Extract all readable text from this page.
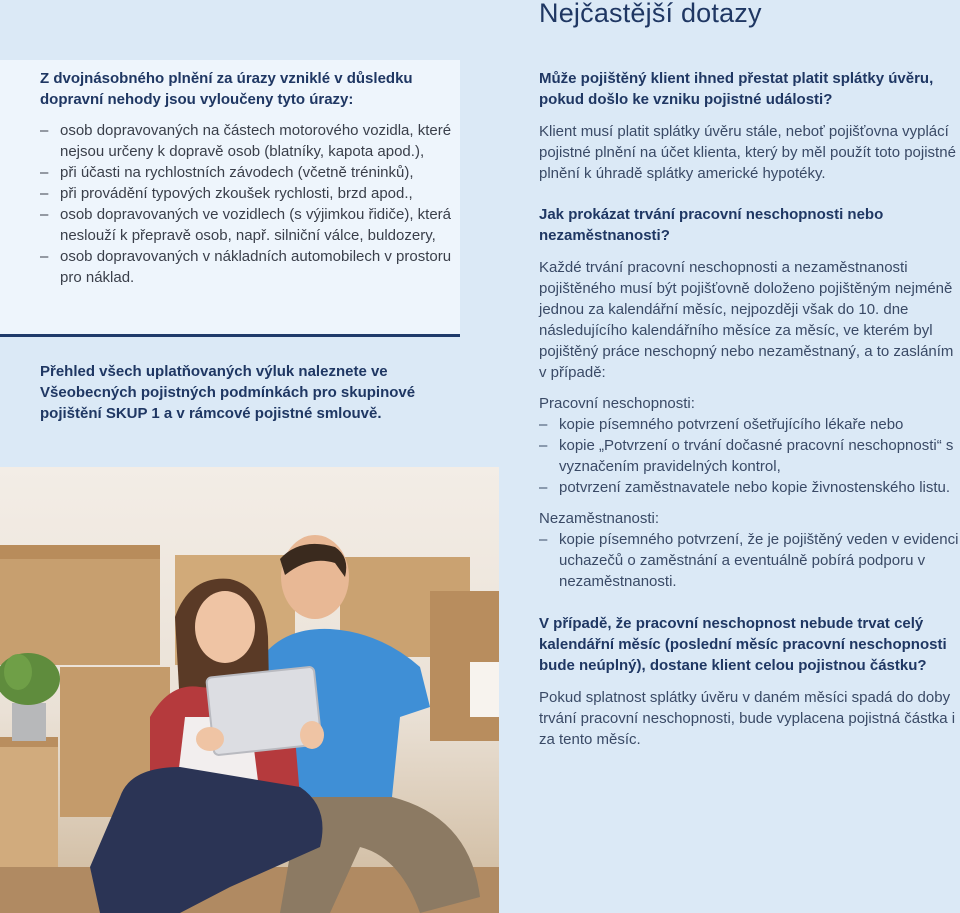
Nejčastější dotazy
Z dvojnásobného plnění za úrazy vzniklé v důsledku dopravní nehody jsou vyloučeny tyto úrazy:
– osob dopravovaných na částech motorového vozidla, které nejsou určeny k dopravě osob (blatníky, kapota apod.),
– při účasti na rychlostních závodech (včetně tréninků),
– při provádění typových zkoušek rychlosti, brzd apod.,
– osob dopravovaných ve vozidlech (s výjimkou řidiče), která neslouží k přepravě osob, např. silniční válce, buldozery,
– osob dopravovaných v nákladních automobilech v prostoru pro náklad.
Přehled všech uplatňovaných výluk naleznete ve Všeobecných pojistných podmínkách pro skupinové pojištění SKUP 1 a v rámcové pojistné smlouvě.
Může pojištěný klient ihned přestat platit splátky úvěru, pokud došlo ke vzniku pojistné události?
Klient musí platit splátky úvěru stále, neboť pojišťovna vyplácí pojistné plnění na účet klienta, který by měl použít toto pojistné plnění k úhradě splátky americké hypotéky.
Jak prokázat trvání pracovní neschopnosti nebo nezaměstnanosti?
Každé trvání pracovní neschopnosti a nezaměstnanosti pojištěného musí být pojišťovně doloženo pojištěným nejméně jednou za kalendářní měsíc, nejpozději však do 10. dne následujícího kalendářního měsíce za měsíc, ve kterém byl pojištěný práce neschopný nebo nezaměstnaný, a to zasláním v případě:
Pracovní neschopnosti:
– kopie písemného potvrzení ošetřujícího lékaře nebo
– kopie „Potvrzení o trvání dočasné pracovní neschopnosti“ s vyznačením pravidelných kontrol,
– potvrzení zaměstnavatele nebo kopie živnostenského listu.
Nezaměstnanosti:
– kopie písemného potvrzení, že je pojištěný veden v evidenci uchazečů o zaměstnání a eventuálně pobírá podporu v nezaměstnanosti.
V případě, že pracovní neschopnost nebude trvat celý kalendářní měsíc (poslední měsíc pracovní neschopnosti bude neúplný), dostane klient celou pojistnou částku?
Pokud splatnost splátky úvěru v daném měsíci spadá do doby trvání pracovní neschopnosti, bude vyplacena pojistná částka i za tento měsíc.
